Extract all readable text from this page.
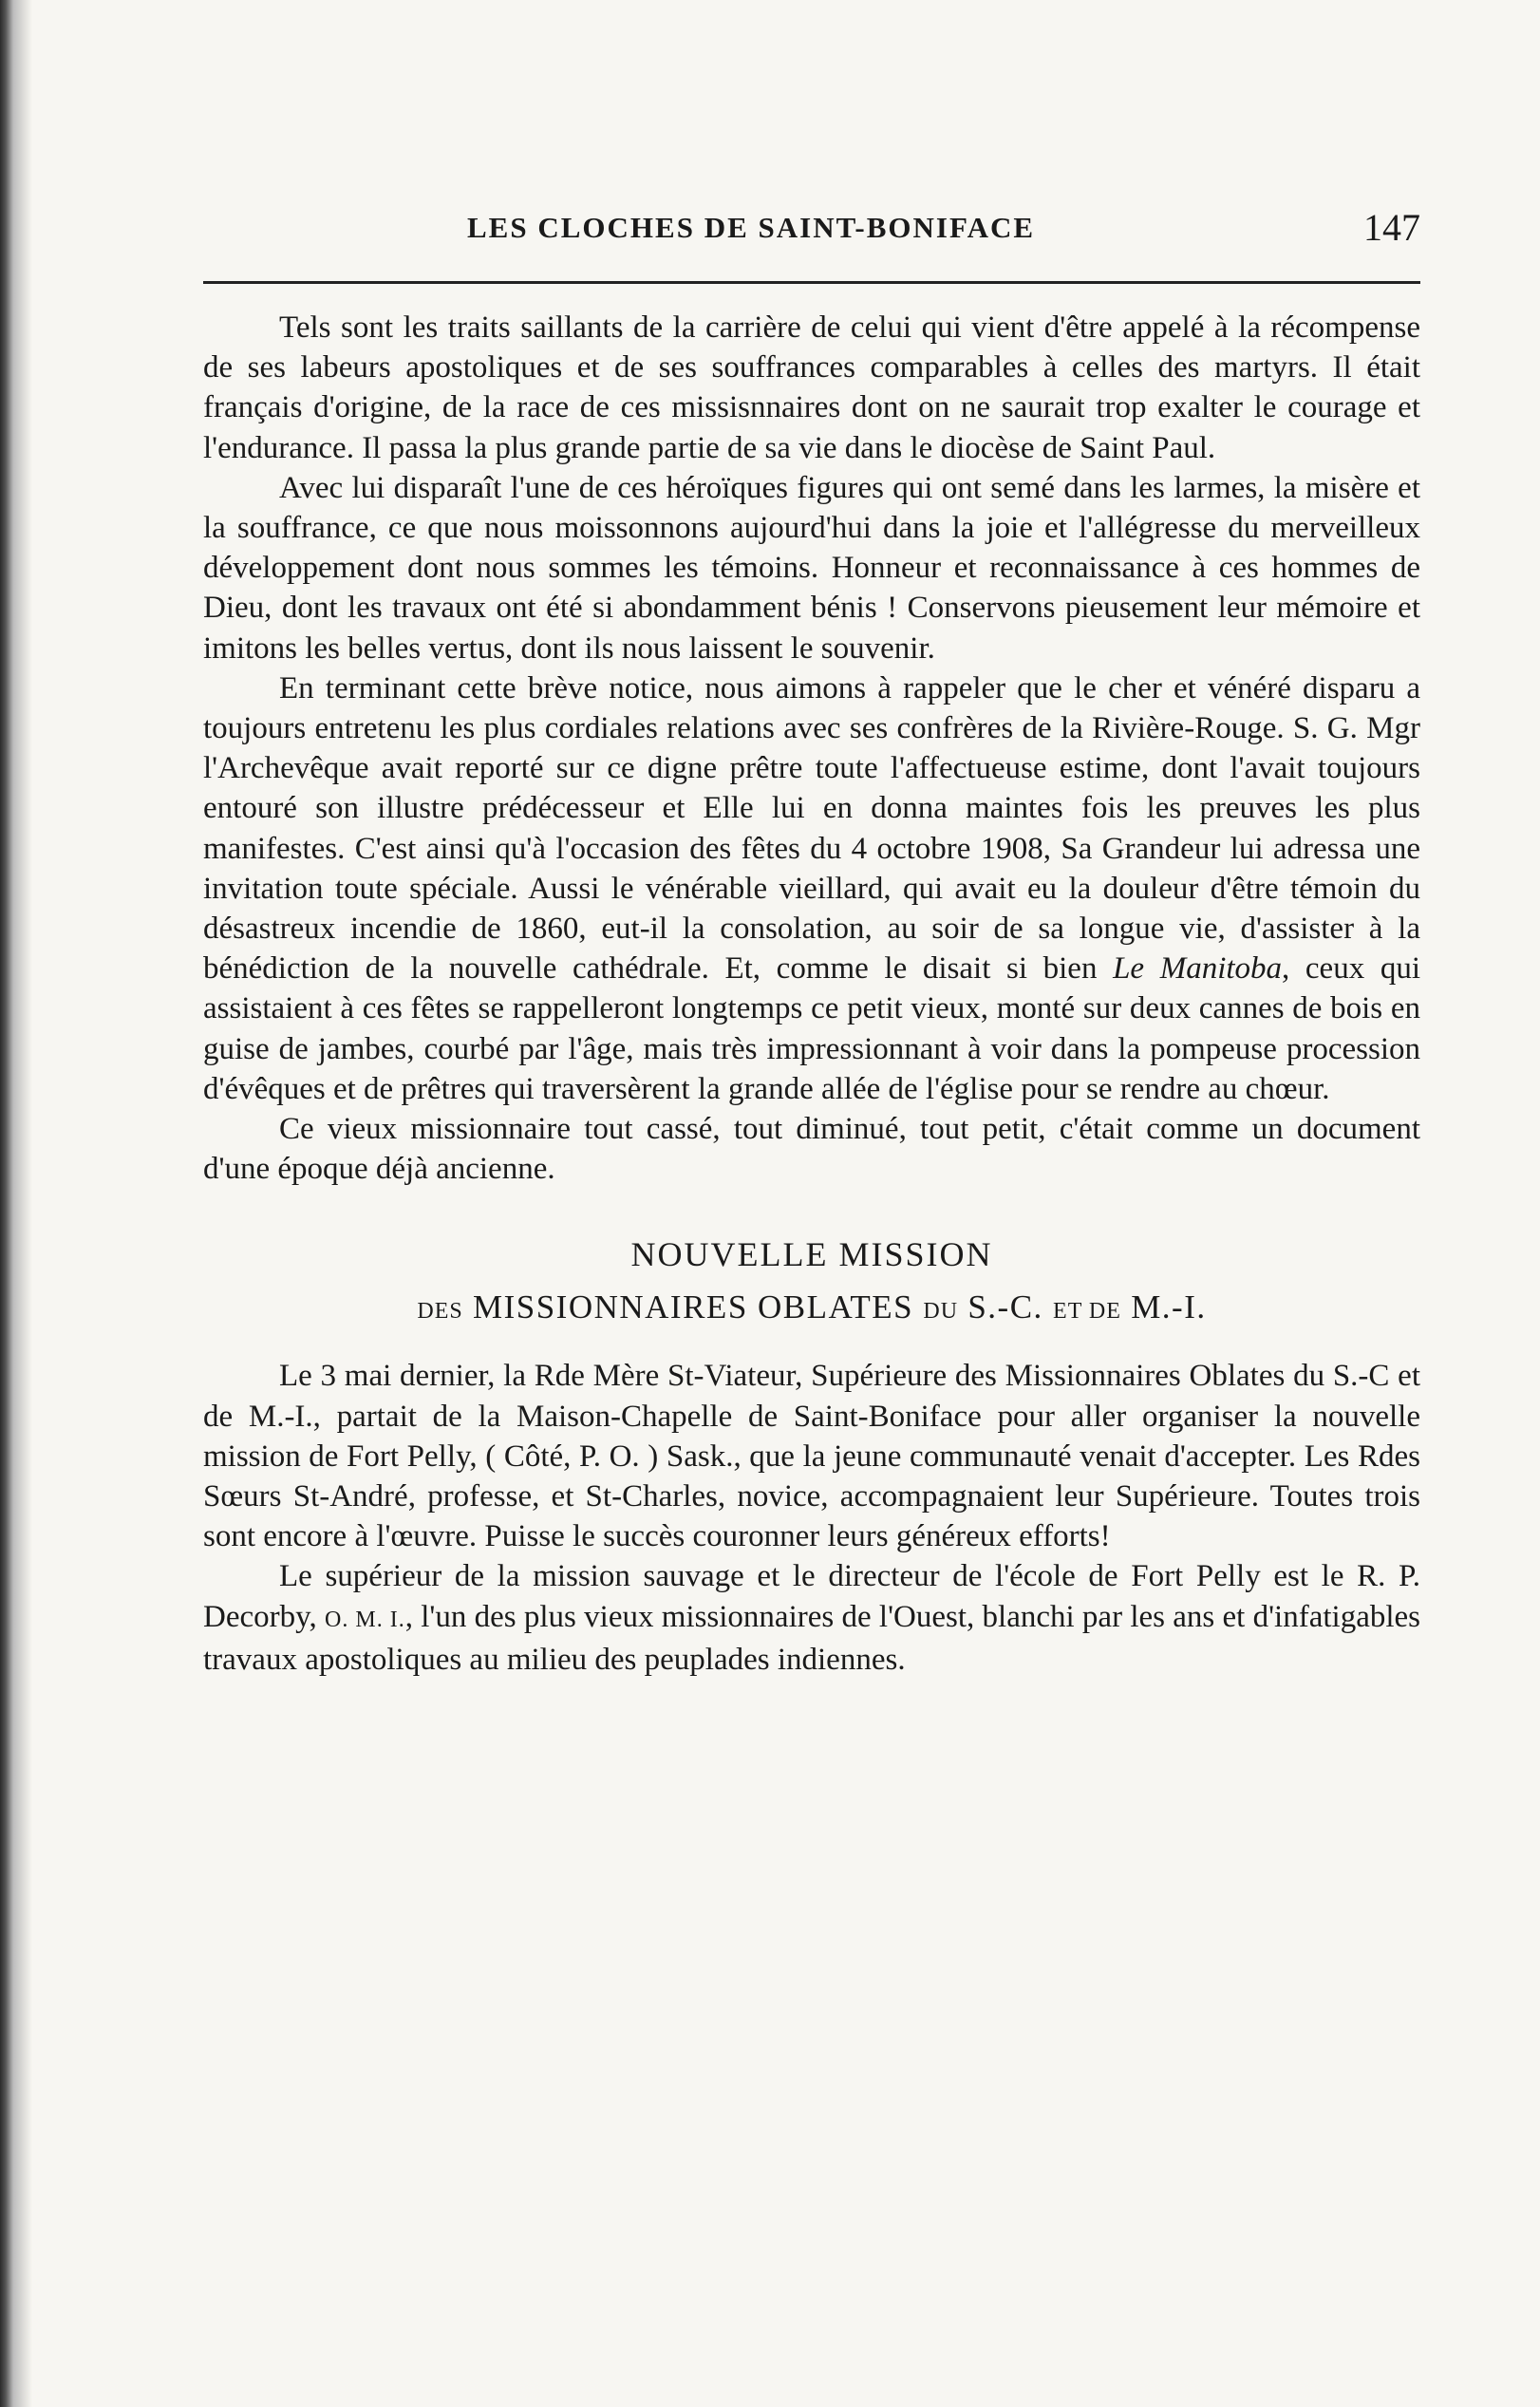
LES CLOCHES DE SAINT-BONIFACE	147

Tels sont les traits saillants de la carrière de celui qui vient d'être appelé à la récompense de ses labeurs apostoliques et de ses souffrances comparables à celles des martyrs. Il était français d'origine, de la race de ces missisnnaires dont on ne saurait trop exalter le courage et l'endurance. Il passa la plus grande partie de sa vie dans le diocèse de Saint Paul.

Avec lui disparaît l'une de ces héroïques figures qui ont semé dans les larmes, la misère et la souffrance, ce que nous moissonnons aujourd'hui dans la joie et l'allégresse du merveilleux développement dont nous sommes les témoins. Honneur et reconnaissance à ces hommes de Dieu, dont les travaux ont été si abondamment bénis ! Conservons pieusement leur mémoire et imitons les belles vertus, dont ils nous laissent le souvenir.

En terminant cette brève notice, nous aimons à rappeler que le cher et vénéré disparu a toujours entretenu les plus cordiales relations avec ses confrères de la Rivière-Rouge. S. G. Mgr l'Archevêque avait reporté sur ce digne prêtre toute l'affectueuse estime, dont l'avait toujours entouré son illustre prédécesseur et Elle lui en donna maintes fois les preuves les plus manifestes. C'est ainsi qu'à l'occasion des fêtes du 4 octobre 1908, Sa Grandeur lui adressa une invitation toute spéciale. Aussi le vénérable vieillard, qui avait eu la douleur d'être témoin du désastreux incendie de 1860, eut-il la consolation, au soir de sa longue vie, d'assister à la bénédiction de la nouvelle cathédrale. Et, comme le disait si bien Le Manitoba, ceux qui assistaient à ces fêtes se rappelleront longtemps ce petit vieux, monté sur deux cannes de bois en guise de jambes, courbé par l'âge, mais très impressionnant à voir dans la pompeuse procession d'évêques et de prêtres qui traversèrent la grande allée de l'église pour se rendre au chœur.

Ce vieux missionnaire tout cassé, tout diminué, tout petit, c'était comme un document d'une époque déjà ancienne.

NOUVELLE MISSION
DES MISSIONNAIRES OBLATES DU S.-C. ET DE M.-I.

Le 3 mai dernier, la Rde Mère St-Viateur, Supérieure des Missionnaires Oblates du S.-C et de M.-I., partait de la Maison-Chapelle de Saint-Boniface pour aller organiser la nouvelle mission de Fort Pelly, ( Côté, P. O. ) Sask., que la jeune communauté venait d'accepter. Les Rdes Sœurs St-André, professe, et St-Charles, novice, accompagnaient leur Supérieure. Toutes trois sont encore à l'œuvre. Puisse le succès couronner leurs généreux efforts!

Le supérieur de la mission sauvage et le directeur de l'école de Fort Pelly est le R. P. Decorby, O. M. I., l'un des plus vieux missionnaires de l'Ouest, blanchi par les ans et d'infatigables travaux apostoliques au milieu des peuplades indiennes.
